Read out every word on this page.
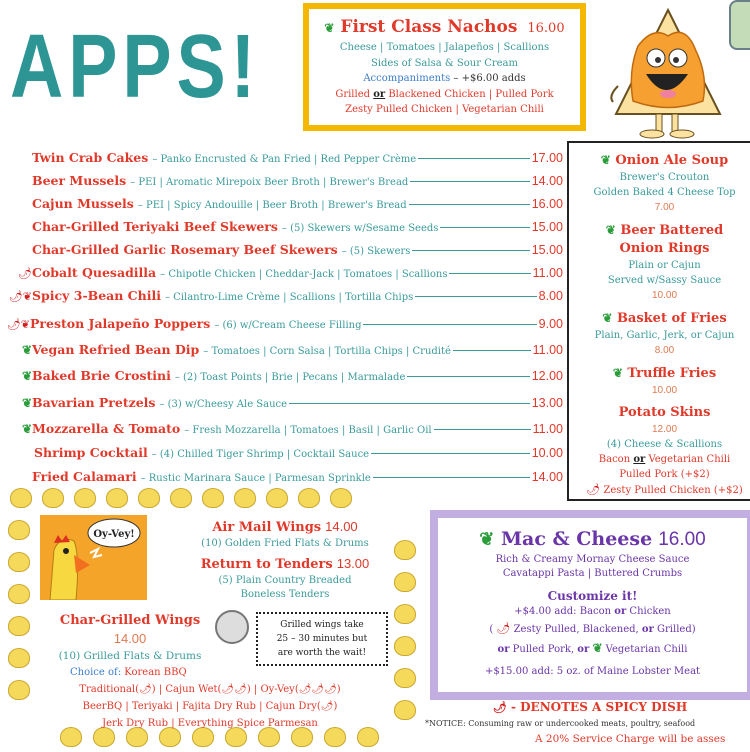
APPS!	❦ First Class Nachos 16.00
Cheese | Tomatoes | Jalapeños | Scallions
Sides of Salsa & Sour Cream
Accompaniments – +$6.00 adds
Grilled or Blackened Chicken | Pulled Pork
Zesty Pulled Chicken | Vegetarian Chili
Twin Crab Cakes – Panko Encrusted & Pan Fried | Red Pepper Crème	17.00
Beer Mussels – PEI | Aromatic Mirepoix Beer Broth | Brewer's Bread	14.00
Cajun Mussels – PEI | Spicy Andouille | Beer Broth | Brewer's Bread	16.00
Char-Grilled Teriyaki Beef Skewers – (5) Skewers w/Sesame Seeds	15.00
Char-Grilled Garlic Rosemary Beef Skewers – (5) Skewers	15.00
🌶 Cobalt Quesadilla – Chipotle Chicken | Cheddar-Jack | Tomatoes | Scallions	11.00
🌶❦ Spicy 3-Bean Chili – Cilantro-Lime Crème | Scallions | Tortilla Chips	8.00
🌶❦ Preston Jalapeño Poppers – (6) w/Cream Cheese Filling	9.00
❦ Vegan Refried Bean Dip – Tomatoes | Corn Salsa | Tortilla Chips | Crudité	11.00
❦ Baked Brie Crostini – (2) Toast Points | Brie | Pecans | Marmalade	12.00
❦ Bavarian Pretzels – (3) w/Cheesy Ale Sauce	13.00
❦ Mozzarella & Tomato – Fresh Mozzarella | Tomatoes | Basil | Garlic Oil	11.00
Shrimp Cocktail – (4) Chilled Tiger Shrimp | Cocktail Sauce	10.00
Fried Calamari – Rustic Marinara Sauce | Parmesan Sprinkle	14.00
❦ Onion Ale Soup
Brewer's Crouton
Golden Baked 4 Cheese Top
7.00
❦ Beer Battered
Onion Rings
Plain or Cajun
Served w/Sassy Sauce
10.00
❦ Basket of Fries
Plain, Garlic, Jerk, or Cajun
8.00
❦ Truffle Fries
10.00
Potato Skins
12.00
(4) Cheese & Scallions
Bacon or Vegetarian Chili
Pulled Pork (+$2)
🌶 Zesty Pulled Chicken (+$2)
Oy-Vey!	Air Mail Wings 14.00
(10) Golden Fried Flats & Drums
Return to Tenders 13.00
(5) Plain Country Breaded
Boneless Tenders
Grilled wings take
25 – 30 minutes but
are worth the wait!
Char-Grilled Wings
14.00
(10) Grilled Flats & Drums
Choice of: Korean BBQ
Traditional(🌶) | Cajun Wet(🌶🌶) | Oy-Vey(🌶🌶🌶)
BeerBQ | Teriyaki | Fajita Dry Rub | Cajun Dry(🌶)
Jerk Dry Rub | Everything Spice Parmesan
❦ Mac & Cheese 16.00
Rich & Creamy Mornay Cheese Sauce
Cavatappi Pasta | Buttered Crumbs
Customize it!
+$4.00 add: Bacon or Chicken
( 🌶 Zesty Pulled, Blackened, or Grilled)
or Pulled Pork, or ❦ Vegetarian Chili
+$15.00 add: 5 oz. of Maine Lobster Meat
🌶 - DENOTES A SPICY DISH
*NOTICE: Consuming raw or undercooked meats, poultry, seafood
A 20% Service Charge will be asses
